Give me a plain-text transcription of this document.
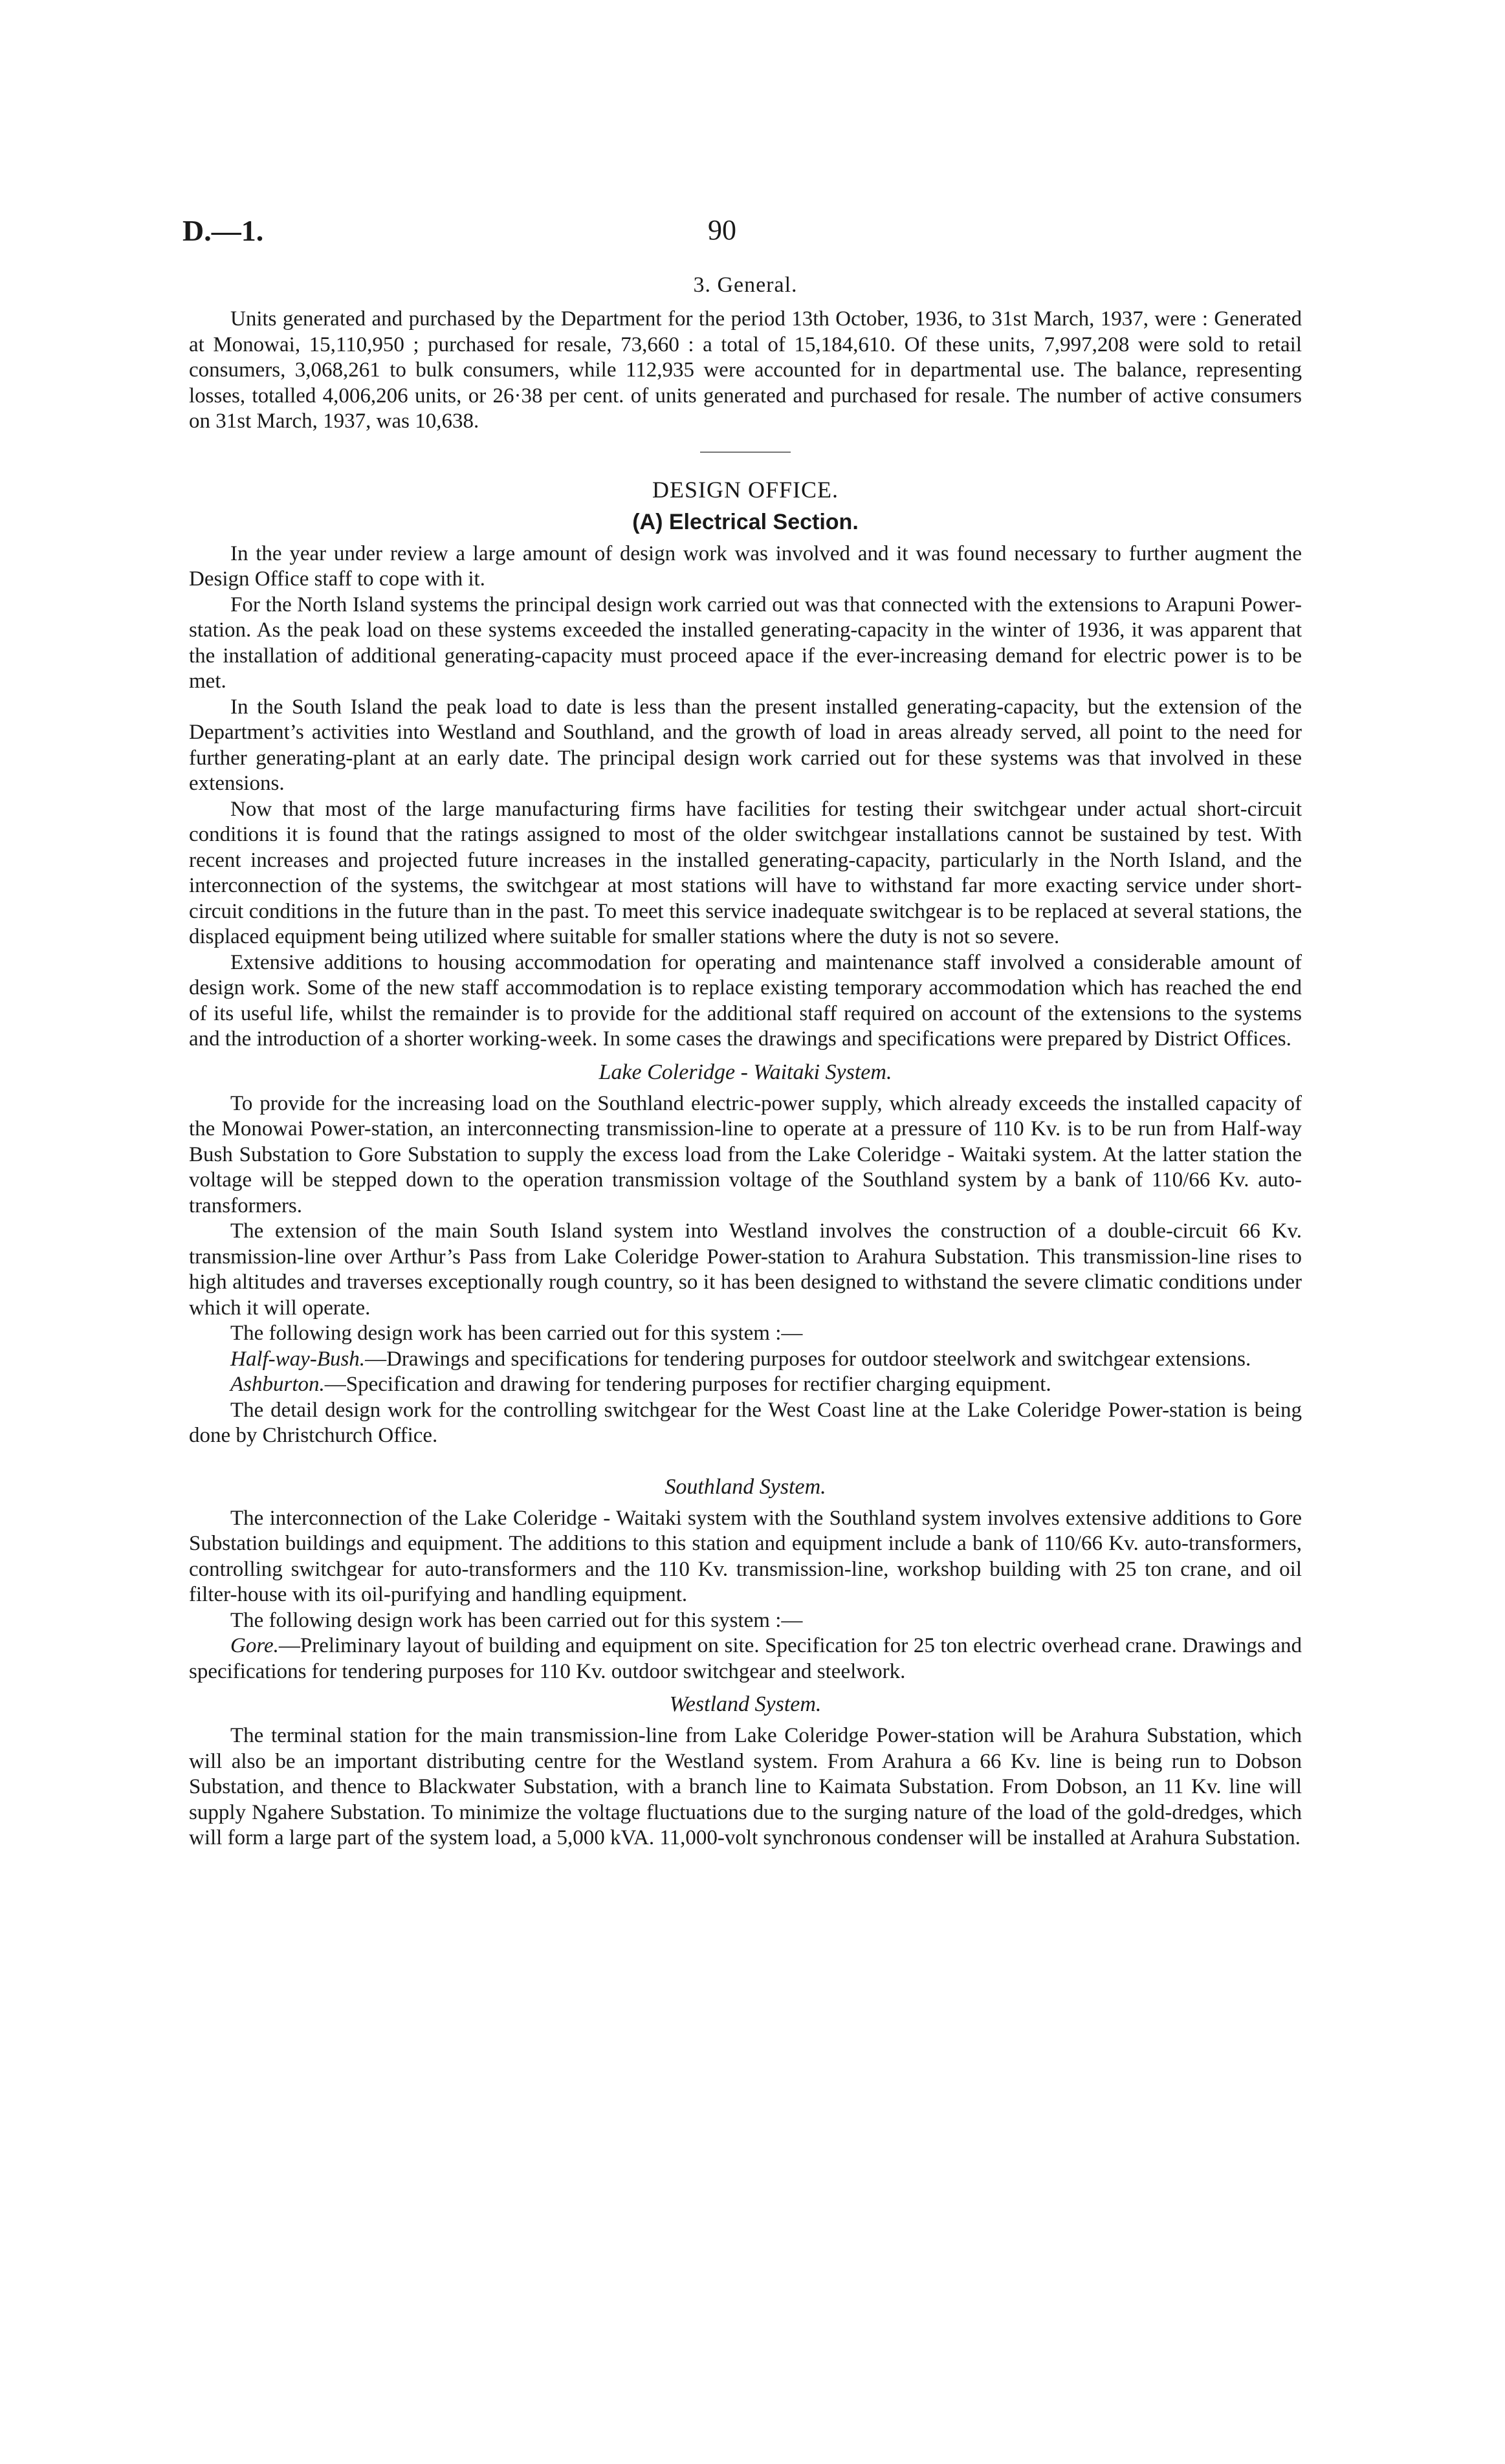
D.—1.	90
3. General.

Units generated and purchased by the Department for the period 13th October, 1936, to 31st March, 1937, were : Generated at Monowai, 15,110,950 ; purchased for resale, 73,660 : a total of 15,184,610. Of these units, 7,997,208 were sold to retail consumers, 3,068,261 to bulk consumers, while 112,935 were accounted for in departmental use. The balance, representing losses, totalled 4,006,206 units, or 26·38 per cent. of units generated and purchased for resale. The number of active consumers on 31st March, 1937, was 10,638.

DESIGN OFFICE.
(A) Electrical Section.

In the year under review a large amount of design work was involved and it was found necessary to further augment the Design Office staff to cope with it.

For the North Island systems the principal design work carried out was that connected with the extensions to Arapuni Power-station. As the peak load on these systems exceeded the installed generating-capacity in the winter of 1936, it was apparent that the installation of additional generating-capacity must proceed apace if the ever-increasing demand for electric power is to be met.

In the South Island the peak load to date is less than the present installed generating-capacity, but the extension of the Department’s activities into Westland and Southland, and the growth of load in areas already served, all point to the need for further generating-plant at an early date. The principal design work carried out for these systems was that involved in these extensions.

Now that most of the large manufacturing firms have facilities for testing their switchgear under actual short-circuit conditions it is found that the ratings assigned to most of the older switchgear installations cannot be sustained by test. With recent increases and projected future increases in the installed generating-capacity, particularly in the North Island, and the interconnection of the systems, the switchgear at most stations will have to withstand far more exacting service under short-circuit conditions in the future than in the past. To meet this service inadequate switchgear is to be replaced at several stations, the displaced equipment being utilized where suitable for smaller stations where the duty is not so severe.

Extensive additions to housing accommodation for operating and maintenance staff involved a considerable amount of design work. Some of the new staff accommodation is to replace existing temporary accommodation which has reached the end of its useful life, whilst the remainder is to provide for the additional staff required on account of the extensions to the systems and the introduction of a shorter working-week. In some cases the drawings and specifications were prepared by District Offices.

Lake Coleridge - Waitaki System.

To provide for the increasing load on the Southland electric-power supply, which already exceeds the installed capacity of the Monowai Power-station, an interconnecting transmission-line to operate at a pressure of 110 Kv. is to be run from Half-way Bush Substation to Gore Substation to supply the excess load from the Lake Coleridge - Waitaki system. At the latter station the voltage will be stepped down to the operation transmission voltage of the Southland system by a bank of 110/66 Kv. auto-transformers.

The extension of the main South Island system into Westland involves the construction of a double-circuit 66 Kv. transmission-line over Arthur’s Pass from Lake Coleridge Power-station to Arahura Substation. This transmission-line rises to high altitudes and traverses exceptionally rough country, so it has been designed to withstand the severe climatic conditions under which it will operate.

The following design work has been carried out for this system :—

Half-way-Bush.—Drawings and specifications for tendering purposes for outdoor steelwork and switchgear extensions.

Ashburton.—Specification and drawing for tendering purposes for rectifier charging equipment.

The detail design work for the controlling switchgear for the West Coast line at the Lake Coleridge Power-station is being done by Christchurch Office.

Southland System.

The interconnection of the Lake Coleridge - Waitaki system with the Southland system involves extensive additions to Gore Substation buildings and equipment. The additions to this station and equipment include a bank of 110/66 Kv. auto-transformers, controlling switchgear for auto-transformers and the 110 Kv. transmission-line, workshop building with 25 ton crane, and oil filter-house with its oil-purifying and handling equipment.

The following design work has been carried out for this system :—

Gore.—Preliminary layout of building and equipment on site. Specification for 25 ton electric overhead crane. Drawings and specifications for tendering purposes for 110 Kv. outdoor switchgear and steelwork.

Westland System.

The terminal station for the main transmission-line from Lake Coleridge Power-station will be Arahura Substation, which will also be an important distributing centre for the Westland system. From Arahura a 66 Kv. line is being run to Dobson Substation, and thence to Blackwater Substation, with a branch line to Kaimata Substation. From Dobson, an 11 Kv. line will supply Ngahere Substation. To minimize the voltage fluctuations due to the surging nature of the load of the gold-dredges, which will form a large part of the system load, a 5,000 kVA. 11,000-volt synchronous condenser will be installed at Arahura Substation.
